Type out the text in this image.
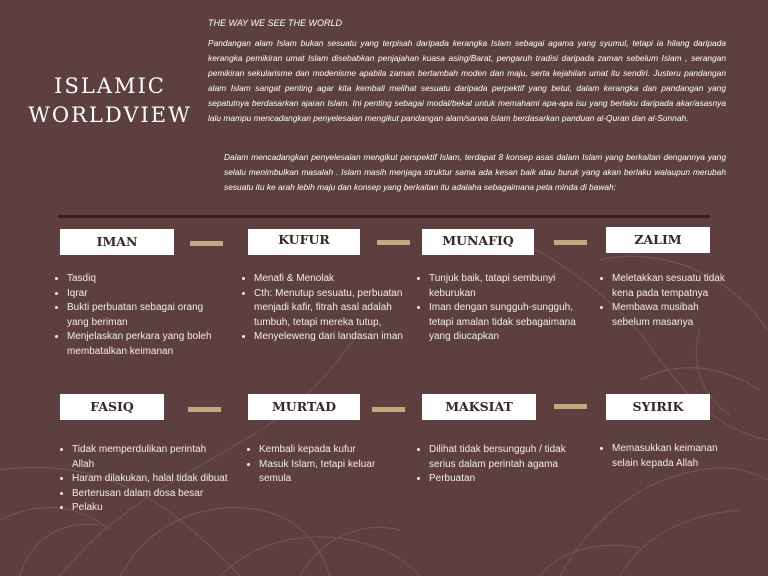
ISLAMIC
WORLDVIEW
THE WAY WE SEE THE WORLD
Pandangan alam Islam bukan sesuatu yang terpisah daripada kerangka Islam sebagai agama yang syumul, tetapi ia hilang daripada kerangka pemikiran umat Islam disebabkan penjajahan kuasa asing/Barat, pengaruh tradisi daripada zaman sebelum Islam , serangan pemikiran sekularisme dan modenisme apabila zaman bertambah moden dan maju, serta kejahilan umat itu sendiri. Justeru pandangan alam Islam sangat penting agar kita kembali melihat sesuatu daripada perpektif yang betul, dalam kerangka dan pandangan yang sepatutnya berdasarkan ajaran Islam. Ini penting sebagai modal/bekal untuk memahami apa-apa isu yang berlaku daripada akar/asasnya lalu mampu mencadangkan penyelesaian mengikut pandangan alam/sarwa Islam berdasarkan panduan al-Quran dan al-Sunnah.
Dalam mencadangkan penyelesaian mengikut perspektif Islam, terdapat 8 konsep asas dalam Islam yang berkaitan dengannya yang selalu menimbulkan masalah . Islam masih menjaga struktur sama ada kesan baik atau buruk yang akan berlaku walaupun merubah sesuatu itu ke arah lebih maju dan konsep yang berkaitan itu adalaha sebagaimana peta minda di bawah:
IMAN	KUFUR	MUNAFIQ	ZALIM
• Tasdiq
• Iqrar
• Bukti perbuatan sebagai orang yang beriman
• Menjelaskan perkara yang boleh membatalkan keimanan
• Menafi & Menolak
• Cth: Menutup sesuatu, perbuatan menjadi kafir, fitrah asal adalah tumbuh, tetapi mereka tutup,
• Menyeleweng dari landasan iman
• Tunjuk baik, tatapi sembunyi keburukan
• Iman dengan sungguh-sungguh, tetapi amalan tidak sebagaimana yang diucapkan
• Meletakkan sesuatu tidak kena pada tempatnya
• Membawa musibah sebelum masanya
FASIQ	MURTAD	MAKSIAT	SYIRIK
• Tidak memperdulikan perintah Allah
• Haram dilakukan, halal tidak dibuat
• Berterusan dalam dosa besar
• Pelaku
• Kembali kepada kufur
• Masuk Islam, tetapi keluar semula
• Dilihat tidak bersungguh / tidak serius dalam perintah agama
• Perbuatan
• Memasukkan keimanan selain kepada Allah
